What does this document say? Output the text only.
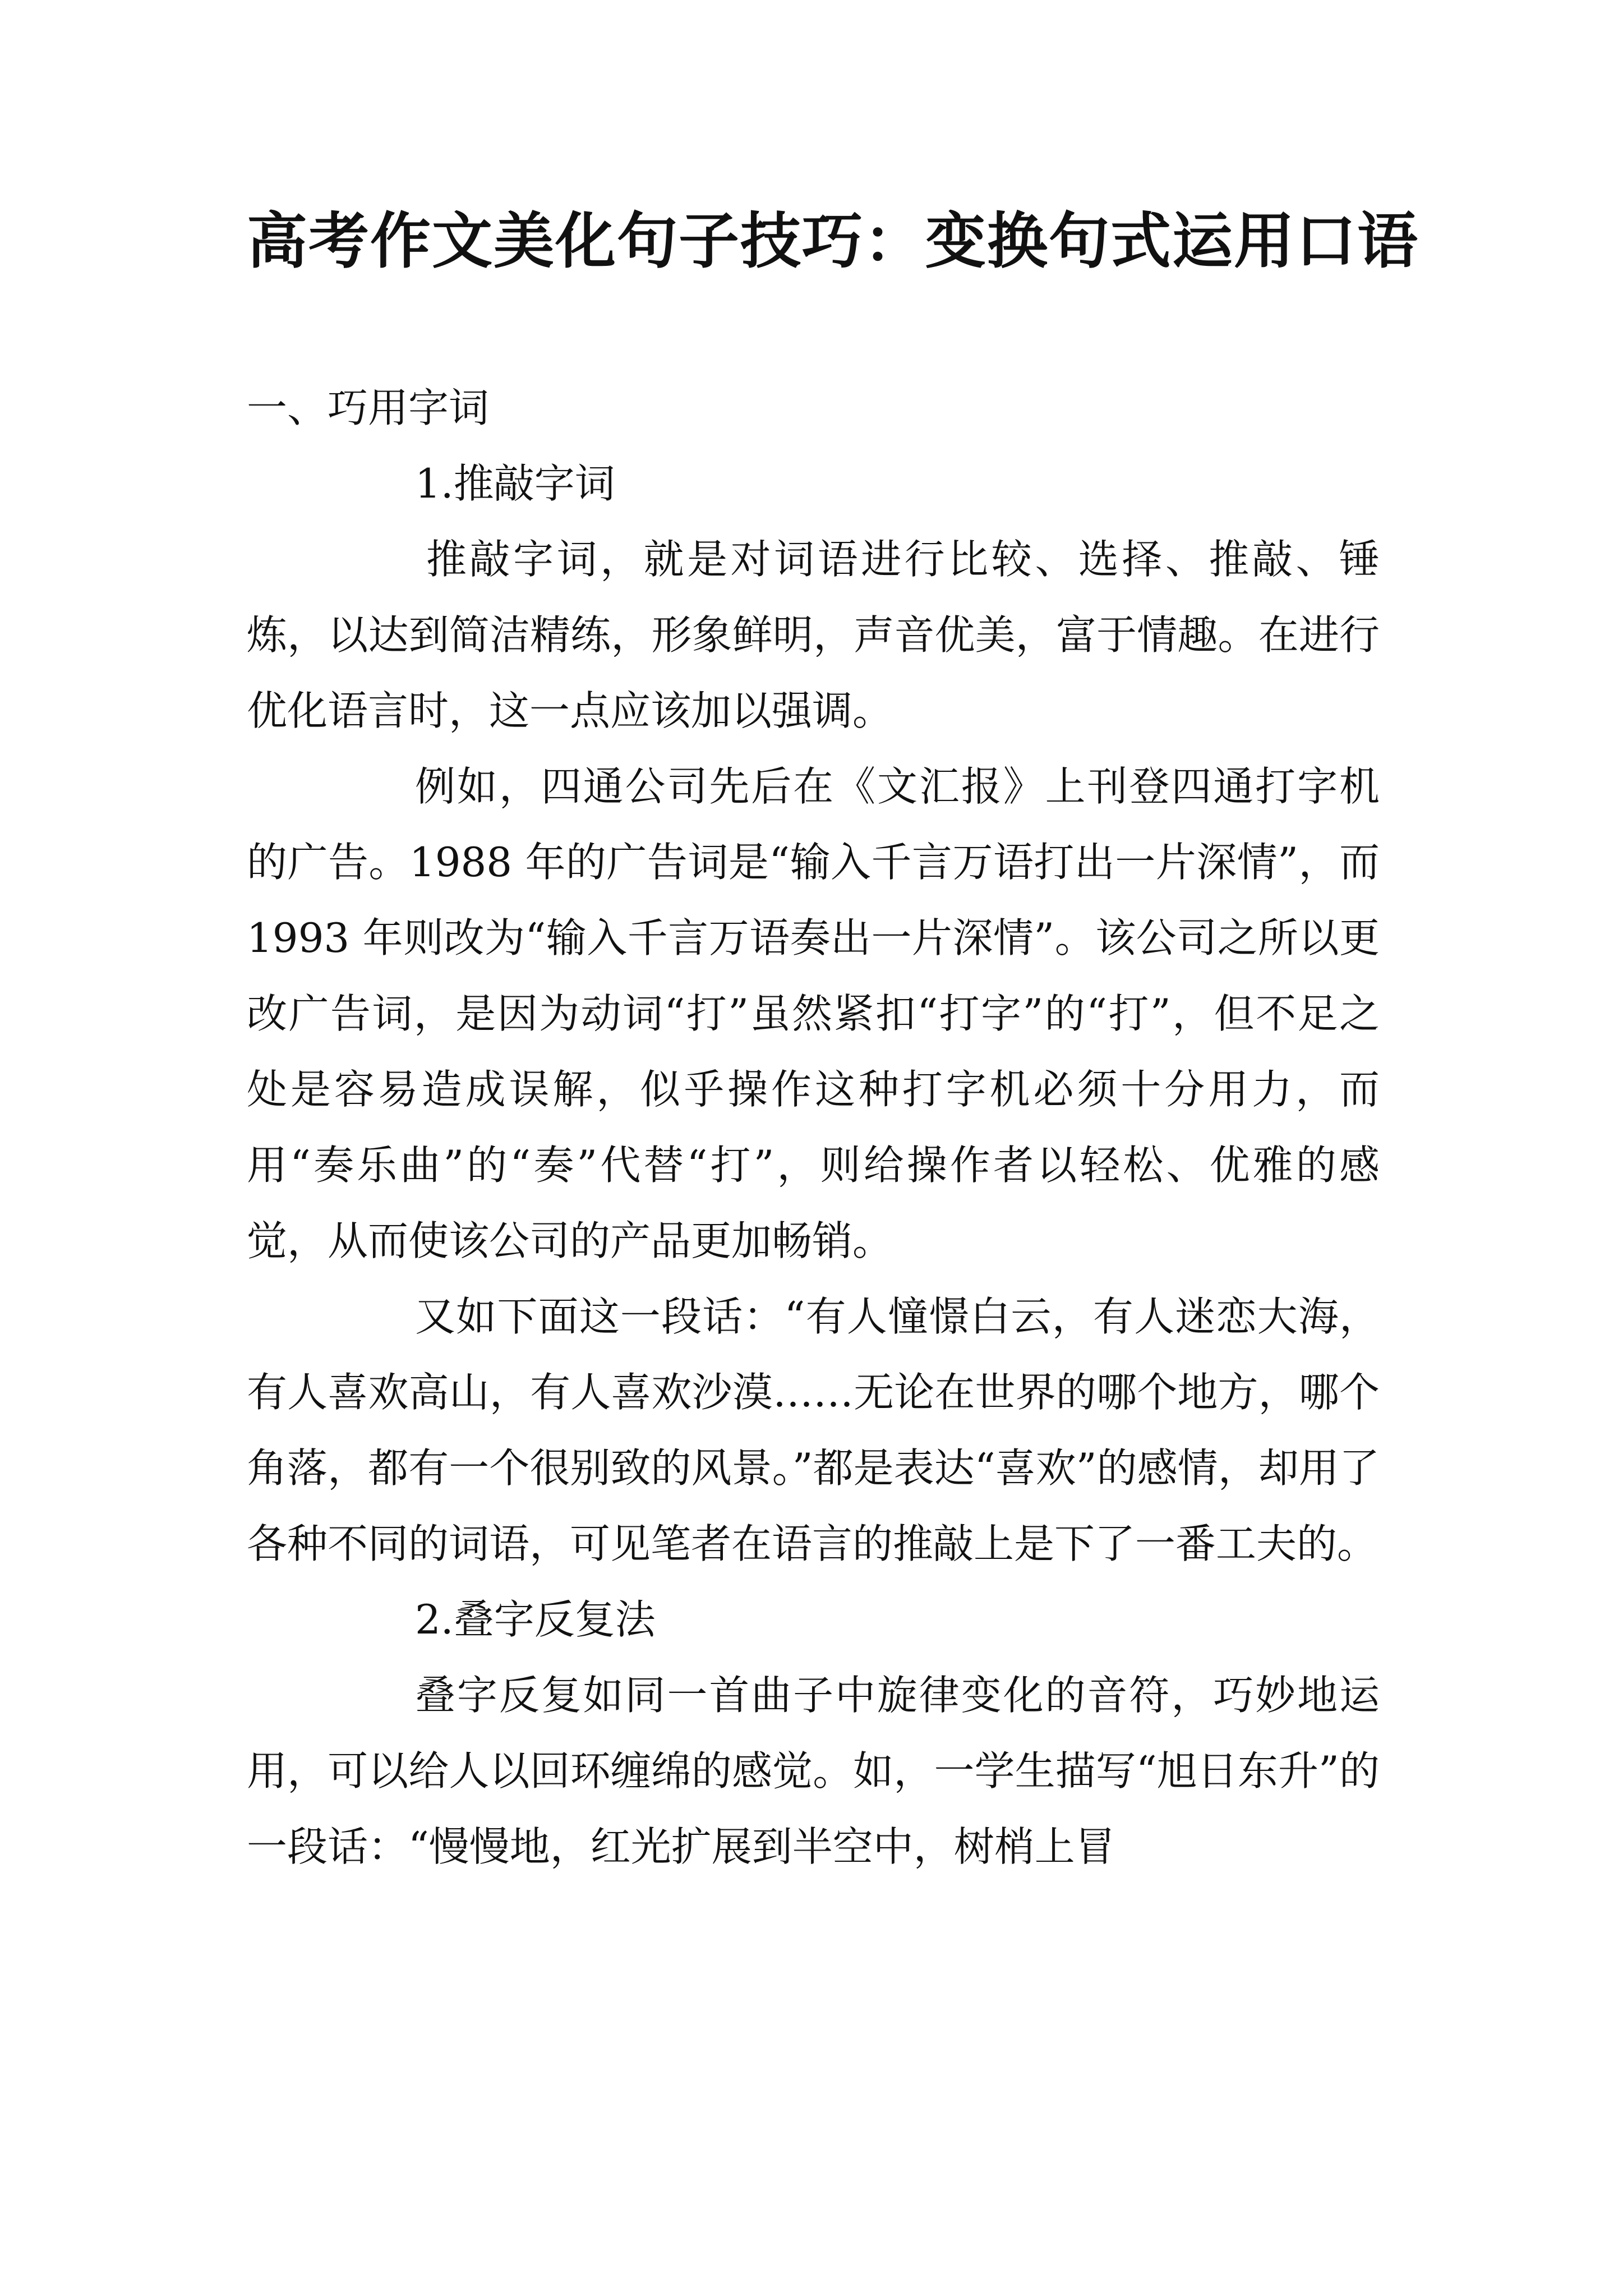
高考作文美化句子技巧：变换句式运用口语

一、巧用字词

1.推敲字词

推敲字词，就是对词语进行比较、选择、推敲、锤炼，以达到简洁精练，形象鲜明，声音优美，富于情趣。在进行优化语言时，这一点应该加以强调。

例如，四通公司先后在《文汇报》上刊登四通打字机的广告。1988 年的广告词是“输入千言万语打出一片深情”，而 1993 年则改为“输入千言万语奏出一片深情”。该公司之所以更改广告词，是因为动词“打”虽然紧扣“打字”的“打”，但不足之处是容易造成误解，似乎操作这种打字机必须十分用力，而用“奏乐曲”的“奏”代替“打”，则给操作者以轻松、优雅的感觉，从而使该公司的产品更加畅销。

又如下面这一段话：“有人憧憬白云，有人迷恋大海，有人喜欢高山，有人喜欢沙漠……无论在世界的哪个地方，哪个角落，都有一个很别致的风景。”都是表达“喜欢”的感情，却用了各种不同的词语，可见笔者在语言的推敲上是下了一番工夫的。

2.叠字反复法

叠字反复如同一首曲子中旋律变化的音符，巧妙地运用，可以给人以回环缠绵的感觉。如，一学生描写“旭日东升”的一段话：“慢慢地，红光扩展到半空中，树梢上冒
